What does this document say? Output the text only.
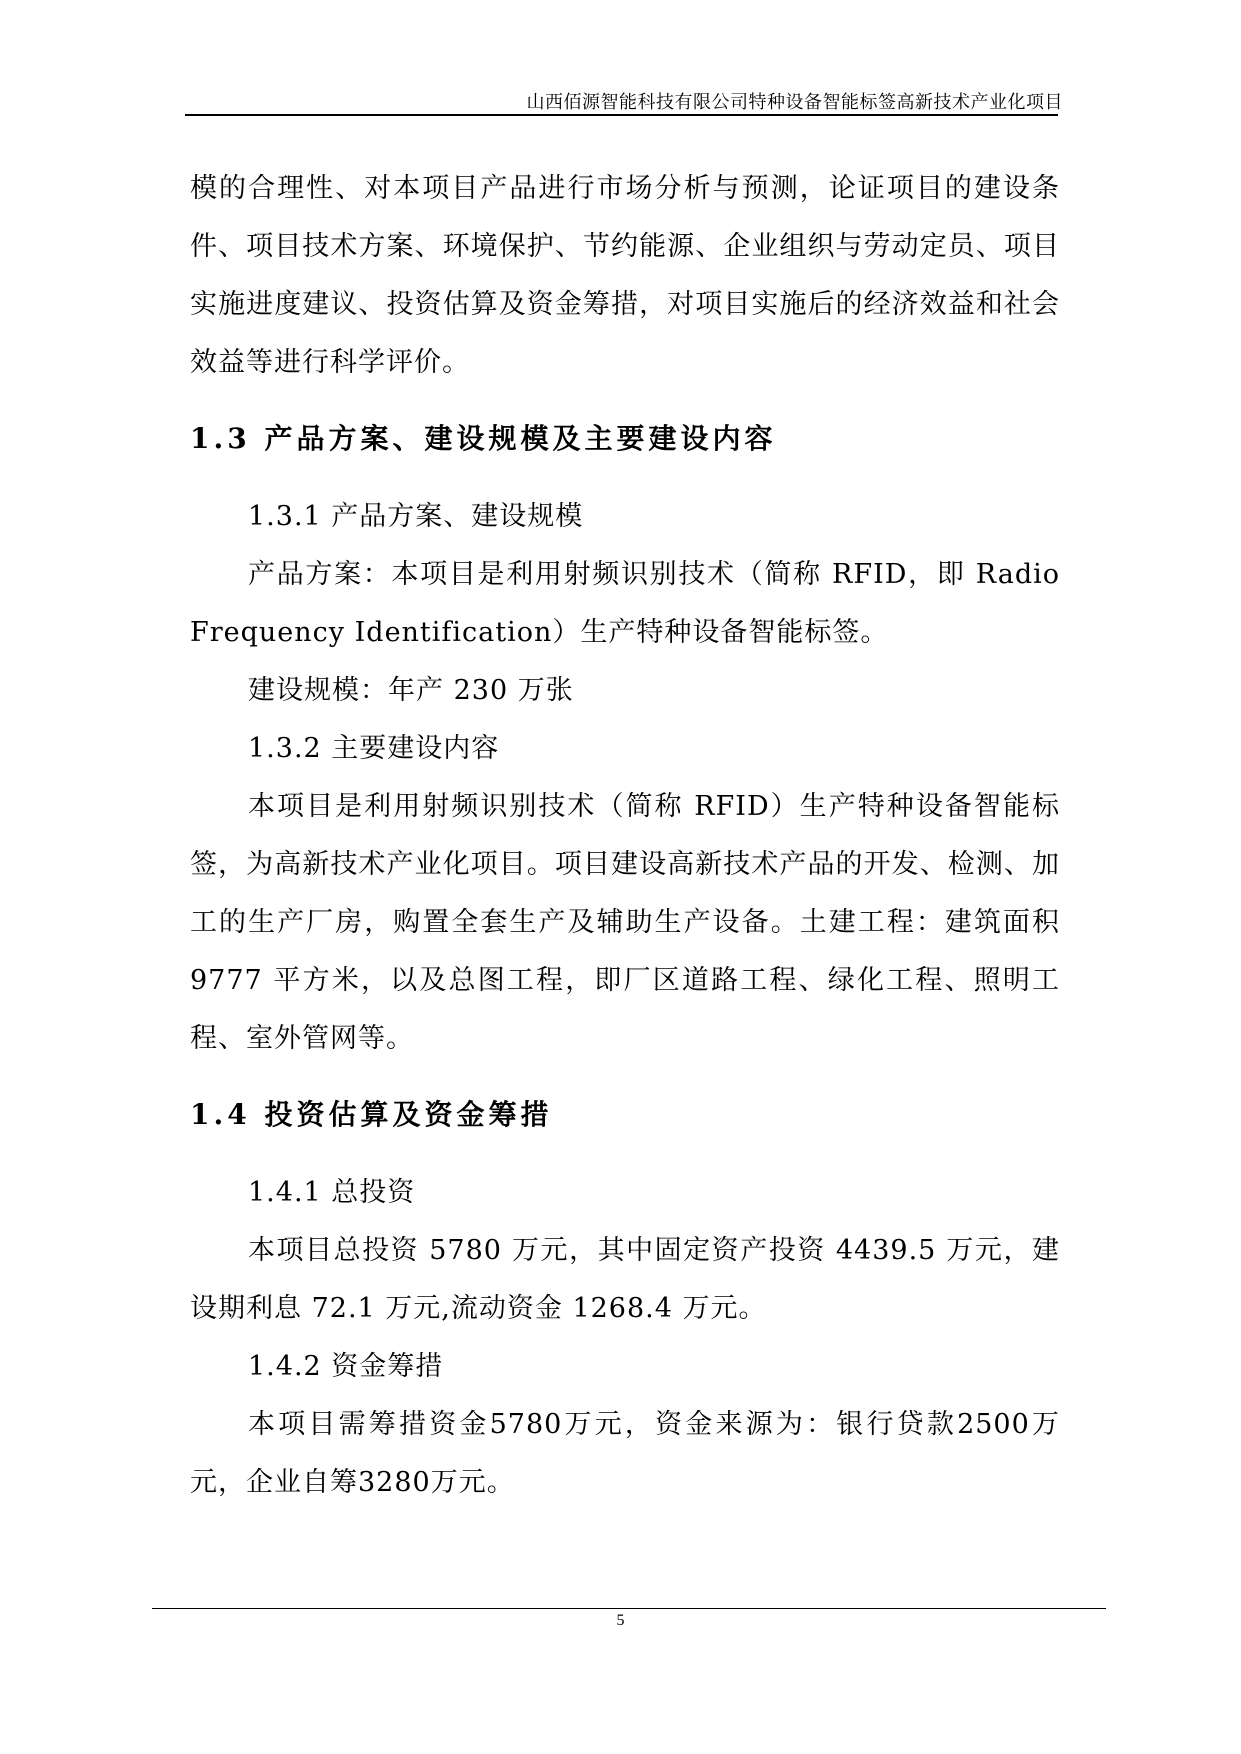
山西佰源智能科技有限公司特种设备智能标签高新技术产业化项目

模的合理性、对本项目产品进行市场分析与预测，论证项目的建设条件、项目技术方案、环境保护、节约能源、企业组织与劳动定员、项目实施进度建议、投资估算及资金筹措，对项目实施后的经济效益和社会效益等进行科学评价。

1.3 产品方案、建设规模及主要建设内容

1.3.1 产品方案、建设规模

产品方案：本项目是利用射频识别技术（简称 RFID，即 Radio Frequency Identification）生产特种设备智能标签。

建设规模：年产 230 万张

1.3.2 主要建设内容

本项目是利用射频识别技术（简称 RFID）生产特种设备智能标签，为高新技术产业化项目。项目建设高新技术产品的开发、检测、加工的生产厂房，购置全套生产及辅助生产设备。土建工程：建筑面积 9777 平方米，以及总图工程，即厂区道路工程、绿化工程、照明工程、室外管网等。

1.4 投资估算及资金筹措

1.4.1 总投资

本项目总投资 5780 万元，其中固定资产投资 4439.5 万元，建设期利息 72.1 万元,流动资金 1268.4 万元。

1.4.2 资金筹措

本项目需筹措资金5780万元，资金来源为：银行贷款2500万元，企业自筹3280万元。

5
